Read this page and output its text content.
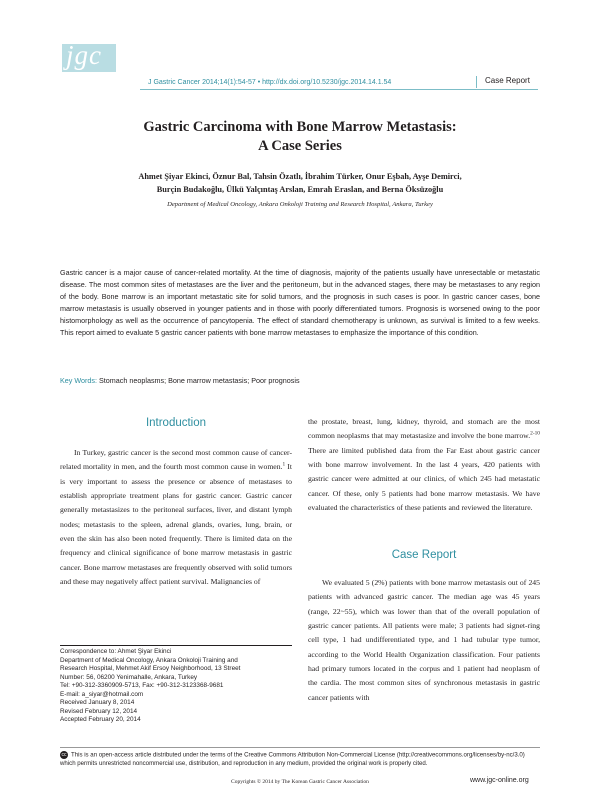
jgc
J Gastric Cancer 2014;14(1):54-57 • http://dx.doi.org/10.5230/jgc.2014.14.1.54	Case Report
Gastric Carcinoma with Bone Marrow Metastasis:
A Case Series
Ahmet Şiyar Ekinci, Öznur Bal, Tahsin Özatlı, İbrahim Türker, Onur Eşbah, Ayşe Demirci,
Burçin Budakoğlu, Ülkü Yalçıntaş Arslan, Emrah Eraslan, and Berna Öksüzoğlu
Department of Medical Oncology, Ankara Onkoloji Training and Research Hospital, Ankara, Turkey
Gastric cancer is a major cause of cancer-related mortality. At the time of diagnosis, majority of the patients usually have unresectable or metastatic disease. The most common sites of metastases are the liver and the peritoneum, but in the advanced stages, there may be metastases to any region of the body. Bone marrow is an important metastatic site for solid tumors, and the prognosis in such cases is poor. In gastric cancer cases, bone marrow metastasis is usually observed in younger patients and in those with poorly differentiated tumors. Prognosis is worsened owing to the poor histomorphology as well as the occurrence of pancytopenia. The effect of standard chemotherapy is unknown, as survival is limited to a few weeks. This report aimed to evaluate 5 gastric cancer patients with bone marrow metastases to emphasize the importance of this condition.
Key Words: Stomach neoplasms; Bone marrow metastasis; Poor prognosis
Introduction

In Turkey, gastric cancer is the second most common cause of cancer-related mortality in men, and the fourth most common cause in women.$^1$ It is very important to assess the presence or absence of metastases to establish appropriate treatment plans for gastric cancer. Gastric cancer generally metastasizes to the peritoneal surfaces, liver, and distant lymph nodes; metastasis to the spleen, adrenal glands, ovaries, lung, brain, or even the skin has also been noted frequently. There is limited data on the frequency and clinical significance of bone marrow metastasis in gastric cancer. Bone marrow metastases are frequently observed with solid tumors and these may negatively affect patient survival. Malignancies of

Correspondence to: Ahmet Şiyar Ekinci
Department of Medical Oncology, Ankara Onkoloji Training and
Research Hospital, Mehmet Akif Ersoy Neighborhood, 13 Street
Number: 56, 06200 Yenimahalle, Ankara, Turkey
Tel: +90-312-3360909-5713, Fax: +90-312-3123368-9681
E-mail: a_siyar@hotmail.com
Received January 8, 2014
Revised February 12, 2014
Accepted February 20, 2014

the prostate, breast, lung, kidney, thyroid, and stomach are the most common neoplasms that may metastasize and involve the bone marrow.$^{2-10}$ There are limited published data from the Far East about gastric cancer with bone marrow involvement. In the last 4 years, 420 patients with gastric cancer were admitted at our clinics, of which 245 had metastatic cancer. Of these, only 5 patients had bone marrow metastasis. We have evaluated the characteristics of these patients and reviewed the literature.

Case Report

We evaluated 5 (2%) patients with bone marrow metastasis out of 245 patients with advanced gastric cancer. The median age was 45 years (range, 22~55), which was lower than that of the overall population of gastric cancer patients. All patients were male; 3 patients had signet-ring cell type, 1 had undifferentiated type, and 1 had tubular type tumor, according to the World Health Organization classification. Four patients had primary tumors located in the corpus and 1 patient had neoplasm of the cardia. The most common sites of synchronous metastasis in gastric cancer patients with

cc This is an open-access article distributed under the terms of the Creative Commons Attribution Non-Commercial License (http://creativecommons.org/licenses/by-nc/3.0) which permits unrestricted noncommercial use, distribution, and reproduction in any medium, provided the original work is properly cited.
Copyrights © 2014 by The Korean Gastric Cancer Association	www.jgc-online.org
